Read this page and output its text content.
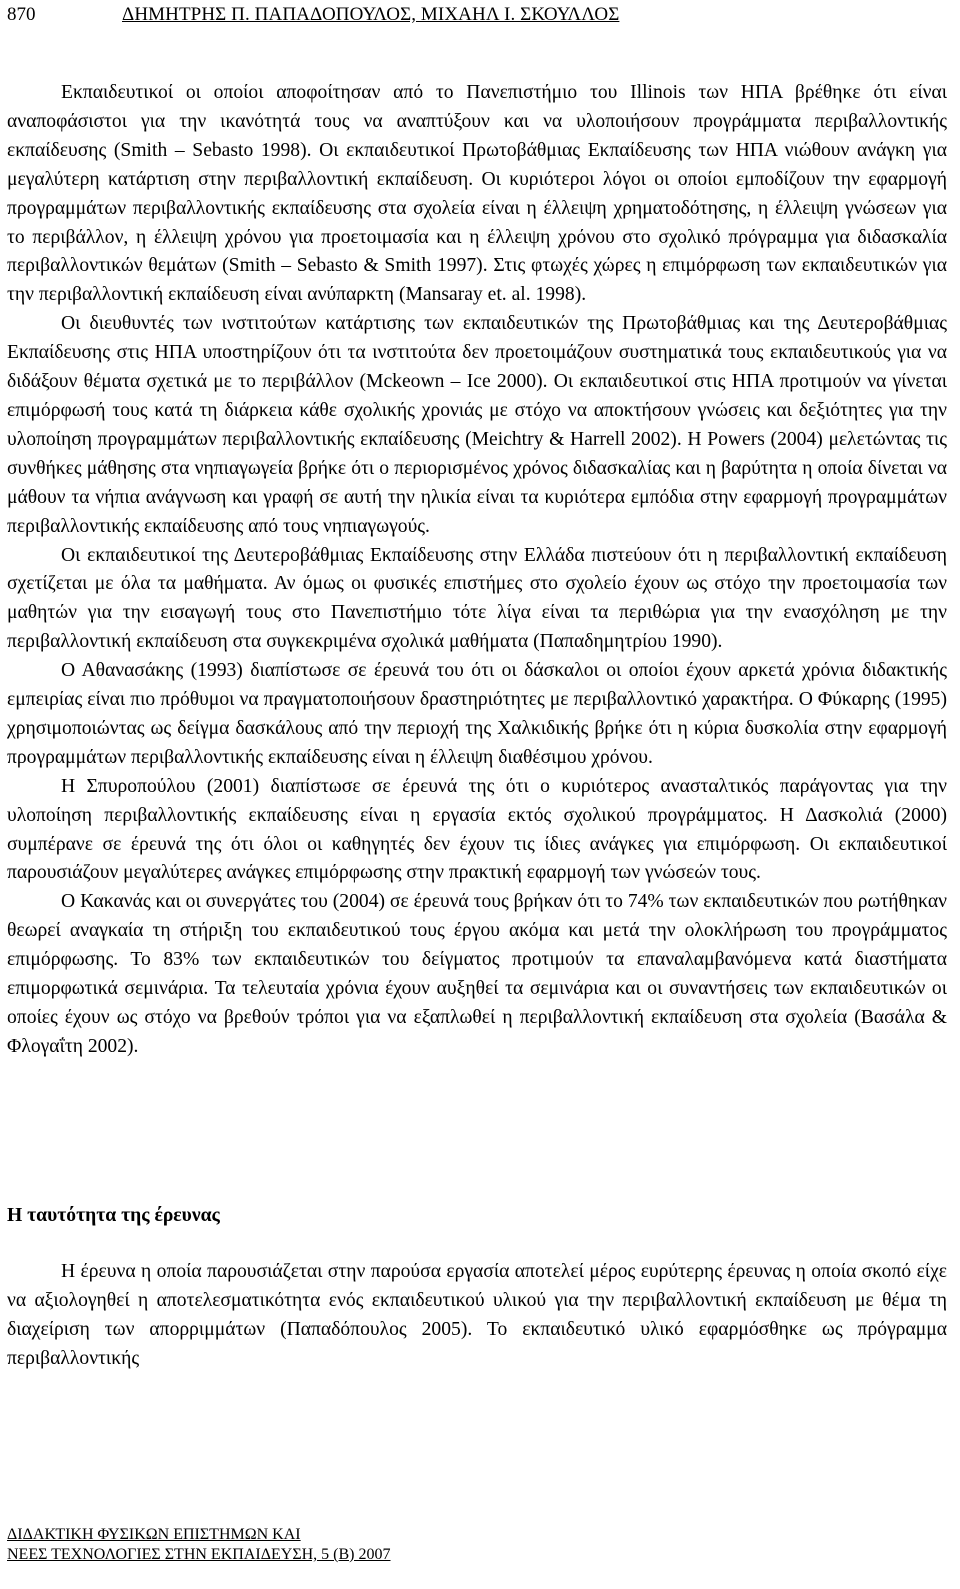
870	ΔΗΜΗΤΡΗΣ Π. ΠΑΠΑΔΟΠΟΥΛΟΣ, ΜΙΧΑΗΛ Ι. ΣΚΟΥΛΛΟΣ

Εκπαιδευτικοί οι οποίοι αποφοίτησαν από το Πανεπιστήμιο του Illinois των ΗΠΑ βρέθηκε ότι είναι αναποφάσιστοι για την ικανότητά τους να αναπτύξουν και να υλοποιήσουν προγράμματα περιβαλλοντικής εκπαίδευσης (Smith – Sebasto 1998). Οι εκπαιδευτικοί Πρωτοβάθμιας Εκπαίδευσης των ΗΠΑ νιώθουν ανάγκη για μεγαλύτερη κατάρτιση στην περιβαλλοντική εκπαίδευση. Οι κυριότεροι λόγοι οι οποίοι εμποδίζουν την εφαρμογή προγραμμάτων περιβαλλοντικής εκπαίδευσης στα σχολεία είναι η έλλειψη χρηματοδότησης, η έλλειψη γνώσεων για το περιβάλλον, η έλλειψη χρόνου για προετοιμασία και η έλλειψη χρόνου στο σχολικό πρόγραμμα για διδασκαλία περιβαλλοντικών θεμάτων (Smith – Sebasto & Smith 1997). Στις φτωχές χώρες η επιμόρφωση των εκπαιδευτικών για την περιβαλλοντική εκπαίδευση είναι ανύπαρκτη (Mansaray et. al. 1998).

Οι διευθυντές των ινστιτούτων κατάρτισης των εκπαιδευτικών της Πρωτοβάθμιας και της Δευτεροβάθμιας Εκπαίδευσης στις ΗΠΑ υποστηρίζουν ότι τα ινστιτούτα δεν προετοιμάζουν συστηματικά τους εκπαιδευτικούς για να διδάξουν θέματα σχετικά με το περιβάλλον (Mckeown – Ice 2000). Οι εκπαιδευτικοί στις ΗΠΑ προτιμούν να γίνεται επιμόρφωσή τους κατά τη διάρκεια κάθε σχολικής χρονιάς με στόχο να αποκτήσουν γνώσεις και δεξιότητες για την υλοποίηση προγραμμάτων περιβαλλοντικής εκπαίδευσης (Meichtry & Harrell 2002). Η Powers (2004) μελετώντας τις συνθήκες μάθησης στα νηπιαγωγεία βρήκε ότι ο περιορισμένος χρόνος διδασκαλίας και η βαρύτητα η οποία δίνεται να μάθουν τα νήπια ανάγνωση και γραφή σε αυτή την ηλικία είναι τα κυριότερα εμπόδια στην εφαρμογή προγραμμάτων περιβαλλοντικής εκπαίδευσης από τους νηπιαγωγούς.

Οι εκπαιδευτικοί της Δευτεροβάθμιας Εκπαίδευσης στην Ελλάδα πιστεύουν ότι η περιβαλλοντική εκπαίδευση σχετίζεται με όλα τα μαθήματα. Αν όμως οι φυσικές επιστήμες στο σχολείο έχουν ως στόχο την προετοιμασία των μαθητών για την εισαγωγή τους στο Πανεπιστήμιο τότε λίγα είναι τα περιθώρια για την ενασχόληση με την περιβαλλοντική εκπαίδευση στα συγκεκριμένα σχολικά μαθήματα (Παπαδημητρίου 1990).

Ο Αθανασάκης (1993) διαπίστωσε σε έρευνά του ότι οι δάσκαλοι οι οποίοι έχουν αρκετά χρόνια διδακτικής εμπειρίας είναι πιο πρόθυμοι να πραγματοποιήσουν δραστηριότητες με περιβαλλοντικό χαρακτήρα. Ο Φύκαρης (1995) χρησιμοποιώντας ως δείγμα δασκάλους από την περιοχή της Χαλκιδικής βρήκε ότι η κύρια δυσκολία στην εφαρμογή προγραμμάτων περιβαλλοντικής εκπαίδευσης είναι η έλλειψη διαθέσιμου χρόνου.

Η Σπυροπούλου (2001) διαπίστωσε σε έρευνά της ότι ο κυριότερος ανασταλτικός παράγοντας για την υλοποίηση περιβαλλοντικής εκπαίδευσης είναι η εργασία εκτός σχολικού προγράμματος. Η Δασκολιά (2000) συμπέρανε σε έρευνά της ότι όλοι οι καθηγητές δεν έχουν τις ίδιες ανάγκες για επιμόρφωση. Οι εκπαιδευτικοί παρουσιάζουν μεγαλύτερες ανάγκες επιμόρφωσης στην πρακτική εφαρμογή των γνώσεών τους.

Ο Κακανάς και οι συνεργάτες του (2004) σε έρευνά τους βρήκαν ότι το 74% των εκπαιδευτικών που ρωτήθηκαν θεωρεί αναγκαία τη στήριξη του εκπαιδευτικού τους έργου ακόμα και μετά την ολοκλήρωση του προγράμματος επιμόρφωσης. Το 83% των εκπαιδευτικών του δείγματος προτιμούν τα επαναλαμβανόμενα κατά διαστήματα επιμορφωτικά σεμινάρια. Τα τελευταία χρόνια έχουν αυξηθεί τα σεμινάρια και οι συναντήσεις των εκπαιδευτικών οι οποίες έχουν ως στόχο να βρεθούν τρόποι για να εξαπλωθεί η περιβαλλοντική εκπαίδευση στα σχολεία (Βασάλα & Φλογαΐτη 2002).

Η ταυτότητα της έρευνας

Η έρευνα η οποία παρουσιάζεται στην παρούσα εργασία αποτελεί μέρος ευρύτερης έρευνας η οποία σκοπό είχε να αξιολογηθεί η αποτελεσματικότητα ενός εκπαιδευτικού υλικού για την περιβαλλοντική εκπαίδευση με θέμα τη διαχείριση των απορριμμάτων (Παπαδόπουλος 2005). Το εκπαιδευτικό υλικό εφαρμόσθηκε ως πρόγραμμα περιβαλλοντικής

ΔΙΔΑΚΤΙΚΗ ΦΥΣΙΚΩΝ ΕΠΙΣΤΗΜΩΝ ΚΑΙ
ΝΕΕΣ ΤΕΧΝΟΛΟΓΙΕΣ ΣΤΗΝ ΕΚΠΑΙΔΕΥΣΗ, 5 (Β) 2007
